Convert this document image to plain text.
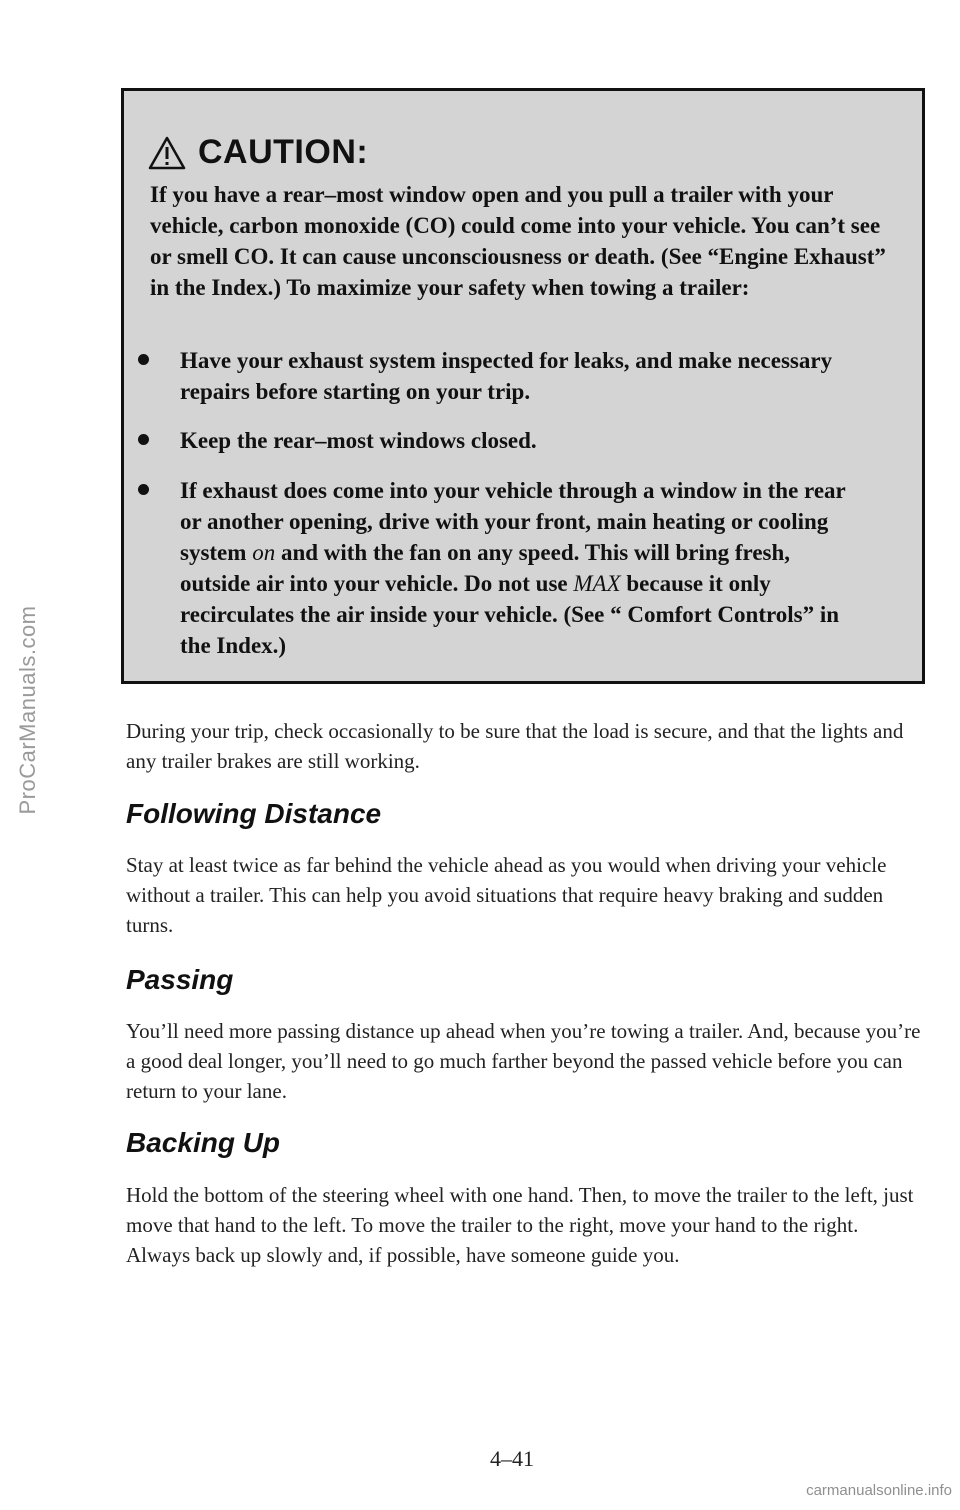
ProCarManuals.com
CAUTION:

If you have a rear–most window open and you pull a trailer with your vehicle, carbon monoxide (CO) could come into your vehicle. You can’t see or smell CO. It can cause unconsciousness or death. (See “Engine Exhaust” in the Index.) To maximize your safety when towing a trailer:

Have your exhaust system inspected for leaks, and make necessary repairs before starting on your trip.
Keep the rear–most windows closed.
If exhaust does come into your vehicle through a window in the rear or another opening, drive with your front, main heating or cooling system on and with the fan on any speed. This will bring fresh, outside air into your vehicle. Do not use MAX because it only recirculates the air inside your vehicle. (See “ Comfort Controls” in the Index.)

During your trip, check occasionally to be sure that the load is secure, and that the lights and any trailer brakes are still working.

Following Distance

Stay at least twice as far behind the vehicle ahead as you would when driving your vehicle without a trailer. This can help you avoid situations that require heavy braking and sudden turns.

Passing

You’ll need more passing distance up ahead when you’re towing a trailer. And, because you’re a good deal longer, you’ll need to go much farther beyond the passed vehicle before you can return to your lane.

Backing Up

Hold the bottom of the steering wheel with one hand. Then, to move the trailer to the left, just move that hand to the left. To move the trailer to the right, move your hand to the right. Always back up slowly and, if possible, have someone guide you.

4–41
carmanualsonline.info
